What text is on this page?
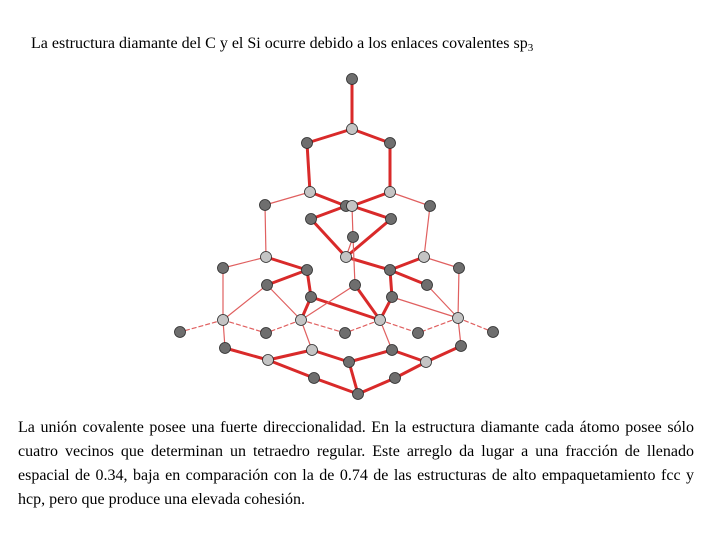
La estructura diamante del C y el Si ocurre debido a los enlaces covalentes $sp_3$
La unión covalente posee una fuerte direccionalidad. En la estructura diamante cada átomo posee sólo cuatro vecinos que determinan un tetraedro regular. Este arreglo da lugar a una fracción de llenado espacial de 0.34, baja en comparación con la de 0.74 de las estructuras de alto empaquetamiento fcc y hcp, pero que produce una elevada cohesión.
